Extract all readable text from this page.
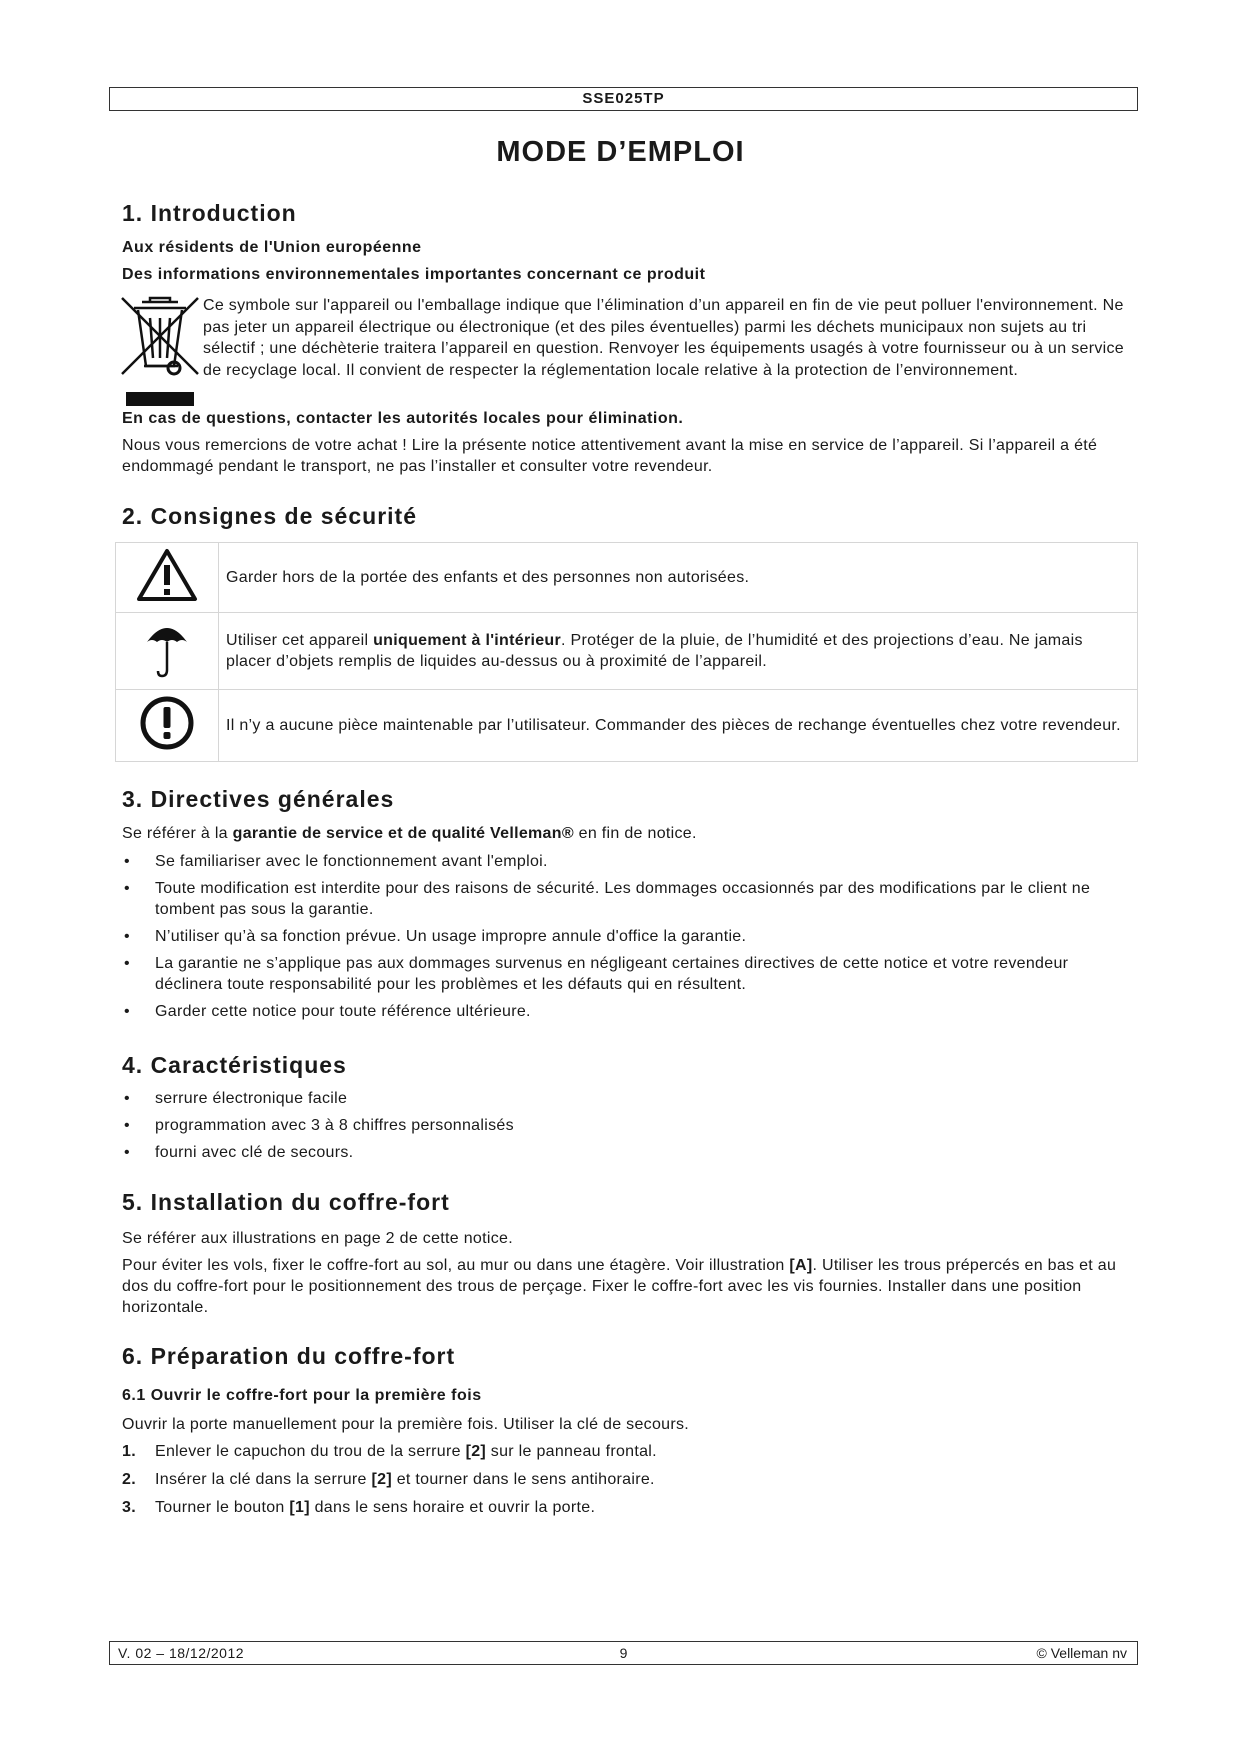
SSE025TP
MODE D’EMPLOI
1. Introduction
Aux résidents de l'Union européenne
Des informations environnementales importantes concernant ce produit
Ce symbole sur l'appareil ou l'emballage indique que l’élimination d’un appareil en fin de vie peut polluer l'environnement. Ne pas jeter un appareil électrique ou électronique (et des piles éventuelles) parmi les déchets municipaux non sujets au tri sélectif ; une déchèterie traitera l’appareil en question. Renvoyer les équipements usagés à votre fournisseur ou à un service de recyclage local. Il convient de respecter la réglementation locale relative à la protection de l’environnement.
En cas de questions, contacter les autorités locales pour élimination.
Nous vous remercions de votre achat ! Lire la présente notice attentivement avant la mise en service de l’appareil. Si l’appareil a été endommagé pendant le transport, ne pas l’installer et consulter votre revendeur.
2. Consignes de sécurité
	Garder hors de la portée des enfants et des personnes non autorisées.
	Utiliser cet appareil uniquement à l'intérieur. Protéger de la pluie, de l’humidité et des projections d’eau. Ne jamais placer d’objets remplis de liquides au-dessus ou à proximité de l’appareil.
	Il n’y a aucune pièce maintenable par l’utilisateur. Commander des pièces de rechange éventuelles chez votre revendeur.
3. Directives générales
Se référer à la garantie de service et de qualité Velleman® en fin de notice.
• Se familiariser avec le fonctionnement avant l'emploi.
• Toute modification est interdite pour des raisons de sécurité. Les dommages occasionnés par des modifications par le client ne tombent pas sous la garantie.
• N’utiliser qu’à sa fonction prévue. Un usage impropre annule d'office la garantie.
• La garantie ne s’applique pas aux dommages survenus en négligeant certaines directives de cette notice et votre revendeur déclinera toute responsabilité pour les problèmes et les défauts qui en résultent.
• Garder cette notice pour toute référence ultérieure.
4. Caractéristiques
• serrure électronique facile
• programmation avec 3 à 8 chiffres personnalisés
• fourni avec clé de secours.
5. Installation du coffre-fort
Se référer aux illustrations en page 2 de cette notice.
Pour éviter les vols, fixer le coffre-fort au sol, au mur ou dans une étagère. Voir illustration [A]. Utiliser les trous prépercés en bas et au dos du coffre-fort pour le positionnement des trous de perçage. Fixer le coffre-fort avec les vis fournies. Installer dans une position horizontale.
6. Préparation du coffre-fort
6.1 Ouvrir le coffre-fort pour la première fois
Ouvrir la porte manuellement pour la première fois. Utiliser la clé de secours.
1. Enlever le capuchon du trou de la serrure [2] sur le panneau frontal.
2. Insérer la clé dans la serrure [2] et tourner dans le sens antihoraire.
3. Tourner le bouton [1] dans le sens horaire et ouvrir la porte.
V. 02 – 18/12/2012	9	© Velleman nv
